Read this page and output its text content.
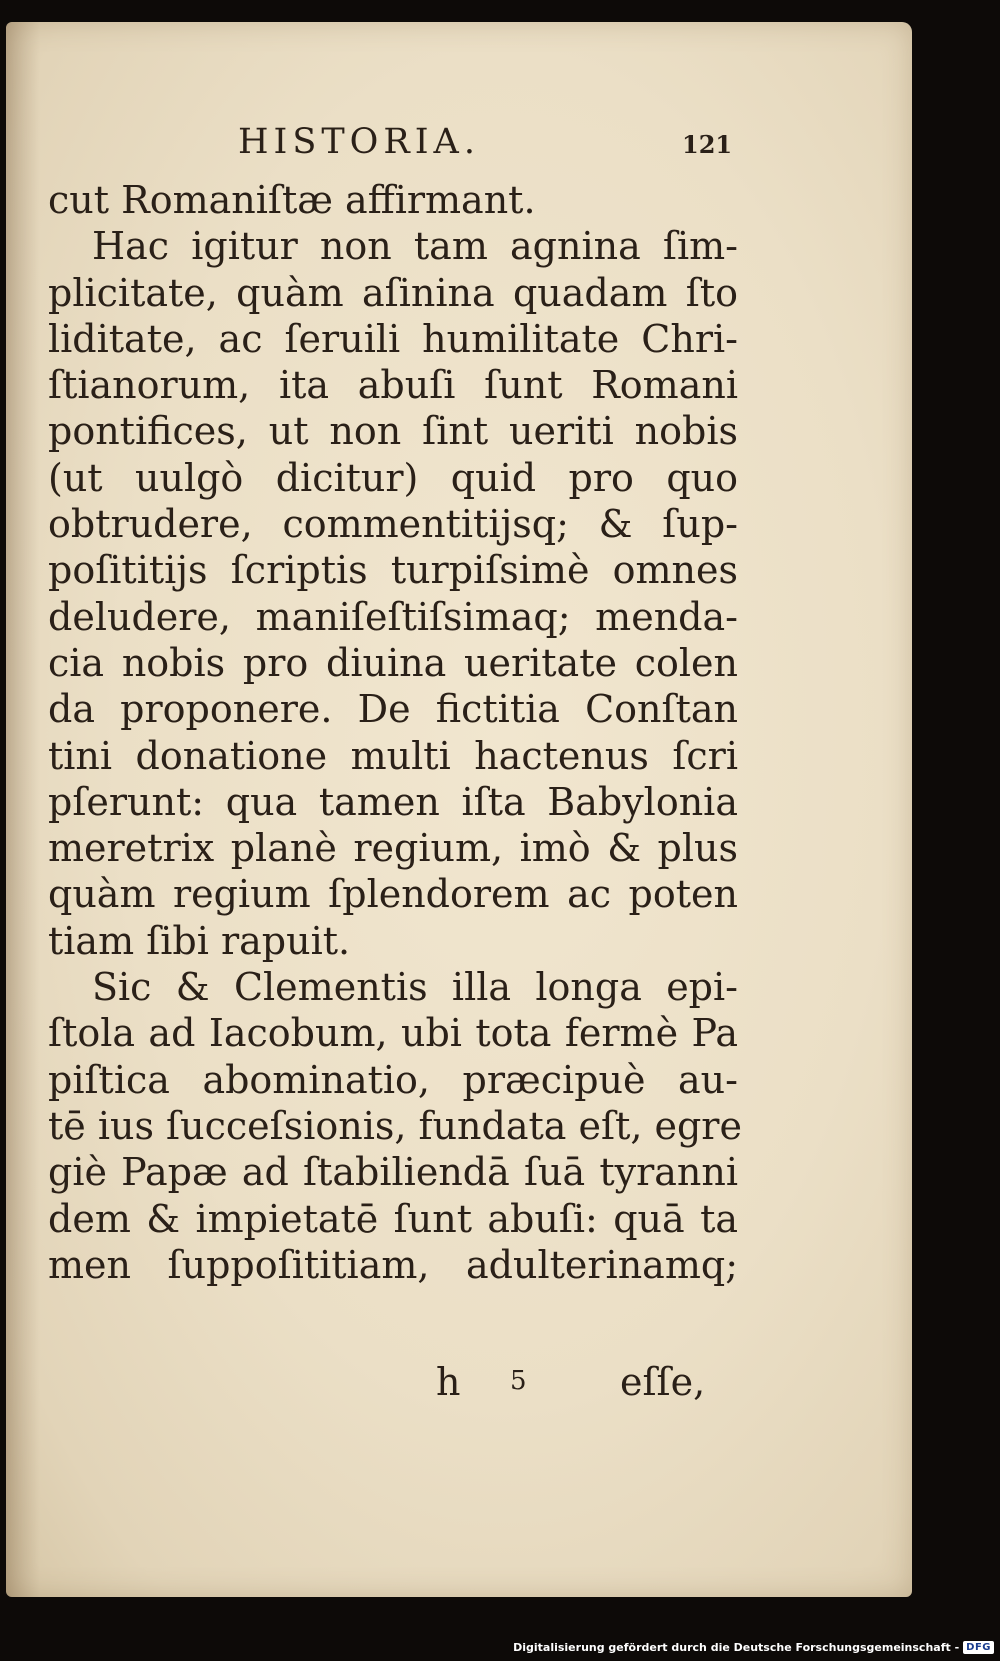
HISTORIA.	121
cut Romaniſtæ affirmant.
Hac igitur non tam agnina ſim-
plicitate, quàm aſinina quadam ſto
liditate, ac ſeruili humilitate Chri-
ſtianorum, ita abuſi ſunt Romani
pontifices, ut non ſint ueriti nobis
(ut uulgò dicitur) quid pro quo
obtrudere, commentitijsq; & ſup-
poſititijs ſcriptis turpiſsimè omnes
deludere, maniſeſtiſsimaq; menda-
cia nobis pro diuina ueritate colen
da proponere. De fictitia Conſtan
tini donatione multi hactenus ſcri
pſerunt: qua tamen iſta Babylonia
meretrix planè regium, imò & plus
quàm regium ſplendorem ac poten
tiam ſibi rapuit.
Sic & Clementis illa longa epi-
ſtola ad Iacobum, ubi tota fermè Pa
piſtica abominatio, præcipuè au-
tē ius ſucceſsionis, fundata eſt, egre
giè Papæ ad ſtabiliendā ſuā tyranni
dem & impietatē ſunt abuſi: quā ta
men ſuppoſititiam, adulterinamq;
h 5 eſſe,
Digitalisierung gefördert durch die Deutsche Forschungsgemeinschaft - DFG
